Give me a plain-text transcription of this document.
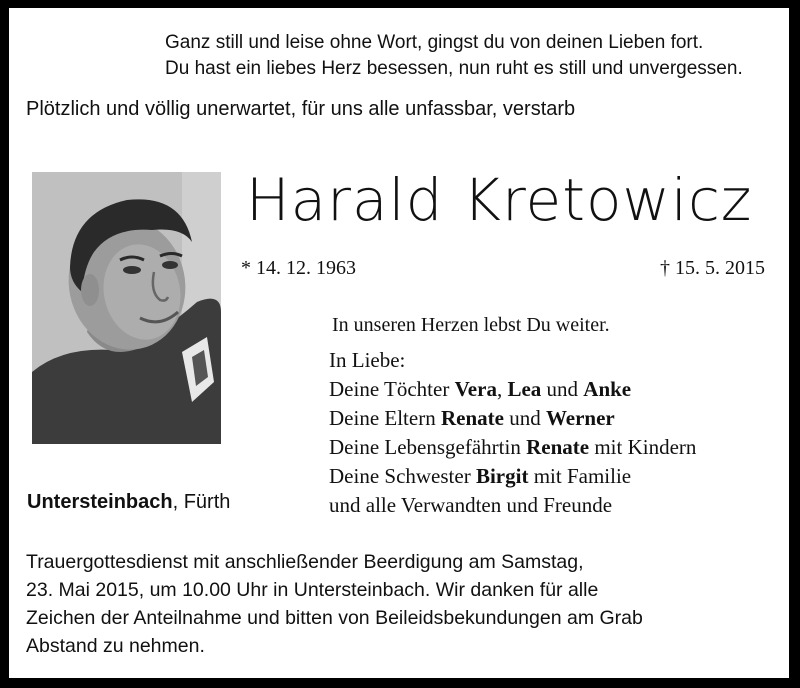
Ganz still und leise ohne Wort, gingst du von deinen Lieben fort.
Du hast ein liebes Herz besessen, nun ruht es still und unvergessen.
Plötzlich und völlig unerwartet, für uns alle unfassbar, verstarb
Harald Kretowicz
* 14. 12. 1963	† 15. 5. 2015
In unseren Herzen lebst Du weiter.
In Liebe:
Deine Töchter Vera, Lea und Anke
Deine Eltern Renate und Werner
Deine Lebensgefährtin Renate mit Kindern
Deine Schwester Birgit mit Familie
und alle Verwandten und Freunde
Untersteinbach, Fürth
Trauergottesdienst mit anschließender Beerdigung am Samstag,
23. Mai 2015, um 10.00 Uhr in Untersteinbach. Wir danken für alle
Zeichen der Anteilnahme und bitten von Beileidsbekundungen am Grab
Abstand zu nehmen.
